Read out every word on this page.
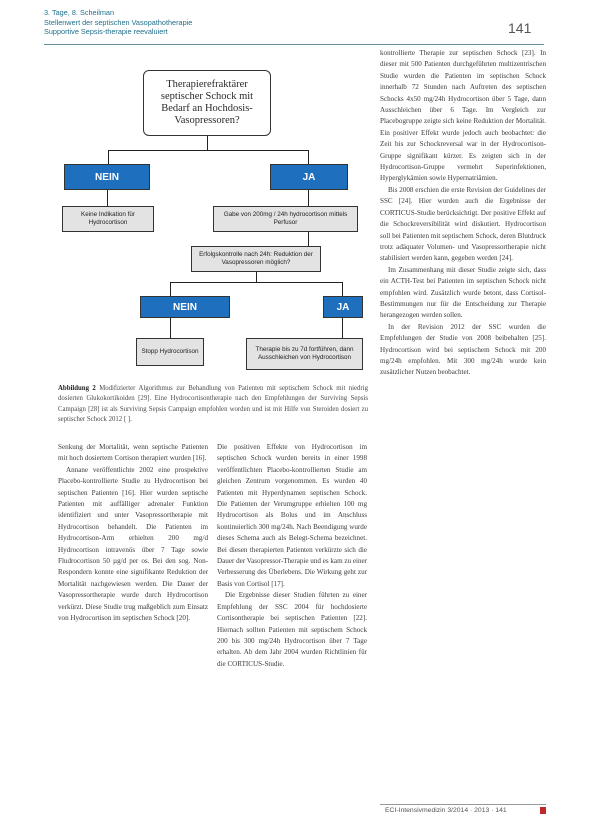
3. Tage, 8. Scheilman
Stellenwert der septischen Vasopathotherapie
Supportive Sepsis-therapie reevaluiert	141
Therapierefraktärer septischer Schock mit Bedarf an Hochdosis-Vasopressoren?
NEIN	JA
Keine Indikation für Hydrocortison
Gabe von 200mg / 24h hydrocortison mittels Perfusor
Erfolgskontrolle nach 24h: Reduktion der Vasopressoren möglich?
NEIN	JA
Stopp Hydrocortison	Therapie bis zu 7d fortführen, dann Ausschleichen von Hydrocortison
Abbildung 2 Modifizierter Algorithmus zur Behandlung von Patienten mit septischem Schock mit niedrig dosierten Glukokortikoiden [29]. Eine Hydrocortisontherapie nach den Empfehlungen der Surviving Sepsis Campaign [28] ist als Surviving Sepsis Campaign empfohlen worden und ist mit Hilfe von Steroiden dosiert zu septischer Schock 2012 [ ].

Senkung der Mortalität, wenn septische Patienten mit hoch dosiertem Cortison therapiert wurden [16].

Annane veröffentlichte 2002 eine prospektive Placebo-kontrollierte Studie zu Hydrocortison bei septischen Patienten [16]. Hier wurden septische Patienten mit auffälliger adrenaler Funktion identifiziert und unter Vasopressortherapie mit Hydrocortison behandelt. Die Patienten im Hydrocortison-Arm erhielten 200 mg/d Hydrocortison intravenös über 7 Tage sowie Fludrocortison 50 µg/d per os. Bei den sog. Non-Respondern konnte eine signifikante Reduktion der Mortalität nachgewiesen werden. Die Dauer der Vasopressortherapie wurde durch Hydrocortison verkürzt. Diese Studie trug maßgeblich zum Einsatz von Hydrocortison im septischen Schock [20].

Die positiven Effekte von Hydrocortison im septischen Schock wurden bereits in einer 1998 veröffentlichten Placebo-kontrollierten Studie am gleichen Zentrum vorgenommen. Es wurden 40 Patienten mit Hyperdynamen septischen Schock. Die Patienten der Verumgruppe erhielten 100 mg Hydrocortison als Bolus und im Anschluss kontinuierlich 300 mg/24h. Nach Beendigung wurde dieses Schema auch als Belegt-Schema bezeichnet. Bei diesen therapierten Patienten verkürzte sich die Dauer der Vasopressor-Therapie und es kam zu einer Verbesserung des Überlebens. Die Wirkung geht zur Basis von Cortisol [17].

Die Ergebnisse dieser Studien führten zu einer Empfehlung der SSC 2004 für hochdosierte Cortisontherapie bei septischen Patienten [22]. Hiernach sollten Patienten mit septischem Schock 200 bis 300 mg/24h Hydrocortison über 7 Tage erhalten. Ab dem Jahr 2004 wurden Richtlinien für die CORTICUS-Studie.

kontrollierte Therapie zur septischen Schock [23]. In dieser mit 500 Patienten durchgeführten multizentrischen Studie wurden die Patienten im septischen Schock innerhalb 72 Stunden nach Auftreten des septischen Schocks 4x50 mg/24h Hydrocortison über 5 Tage, dann Ausschleichen über 6 Tage. Im Vergleich zur Placebogruppe zeigte sich keine Reduktion der Mortalität. Ein positiver Effekt wurde jedoch auch beobachtet: die Zeit bis zur Schockreversal war in der Hydrocortison-Gruppe signifikant kürzer. Es zeigten sich in der Hydrocortison-Gruppe vermehrt Superinfektionen, Hyperglykämien sowie Hypernatriämien.

Bis 2008 erschien die erste Revision der Guidelines der SSC [24]. Hier wurden auch die Ergebnisse der CORTICUS-Studie berücksichtigt. Der positive Effekt auf die Schockreversibilität wird diskutiert. Hydrocortison soll bei Patienten mit septischem Schock, deren Blutdruck trotz adäquater Volumen- und Vasopressortherapie nicht stabilisiert werden kann, gegeben werden [24].

Im Zusammenhang mit dieser Studie zeigte sich, dass ein ACTH-Test bei Patienten im septischen Schock nicht empfohlen wird. Zusätzlich wurde betont, dass Cortisol-Bestimmungen nur für die Entscheidung zur Therapie herangezogen werden sollen.

In der Revision 2012 der SSC wurden die Empfehlungen der Studie von 2008 beibehalten [25]. Hydrocortison wird bei septischem Schock mit 200 mg/24h empfohlen. Mit 300 mg/24h wurde kein zusätzlicher Nutzen beobachtet.

ECI-Intensivmedizin 3/2014 · 2013 · 141
